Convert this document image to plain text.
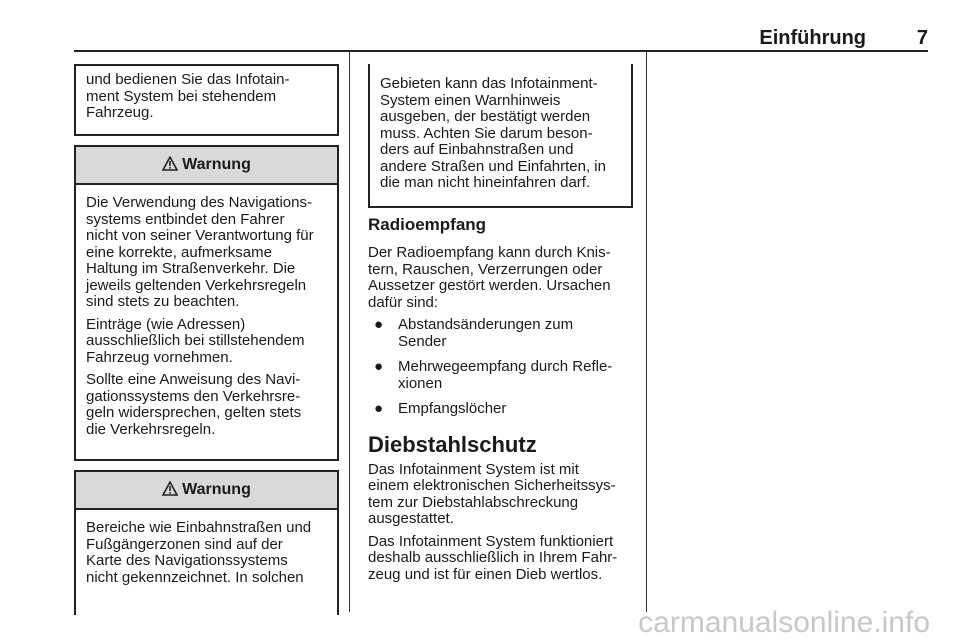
Einführung	7

und bedienen Sie das Infotain-
ment System bei stehendem
Fahrzeug.

Warnung

Die Verwendung des Navigations-
systems entbindet den Fahrer
nicht von seiner Verantwortung für
eine korrekte, aufmerksame
Haltung im Straßenverkehr. Die
jeweils geltenden Verkehrsregeln
sind stets zu beachten.

Einträge (wie Adressen)
ausschließlich bei stillstehendem
Fahrzeug vornehmen.

Sollte eine Anweisung des Navi-
gationssystems den Verkehrsre-
geln widersprechen, gelten stets
die Verkehrsregeln.

Warnung

Bereiche wie Einbahnstraßen und
Fußgängerzonen sind auf der
Karte des Navigationssystems
nicht gekennzeichnet. In solchen

Gebieten kann das Infotainment-
System einen Warnhinweis
ausgeben, der bestätigt werden
muss. Achten Sie darum beson-
ders auf Einbahnstraßen und
andere Straßen und Einfahrten, in
die man nicht hineinfahren darf.

Radioempfang

Der Radioempfang kann durch Knis-
tern, Rauschen, Verzerrungen oder
Aussetzer gestört werden. Ursachen
dafür sind:

● Abstandsänderungen zum
Sender
● Mehrwegeempfang durch Refle-
xionen
● Empfangslöcher
Diebstahlschutz

Das Infotainment System ist mit
einem elektronischen Sicherheitssys-
tem zur Diebstahlabschreckung
ausgestattet.

Das Infotainment System funktioniert
deshalb ausschließlich in Ihrem Fahr-
zeug und ist für einen Dieb wertlos.

carmanualsonline.info
